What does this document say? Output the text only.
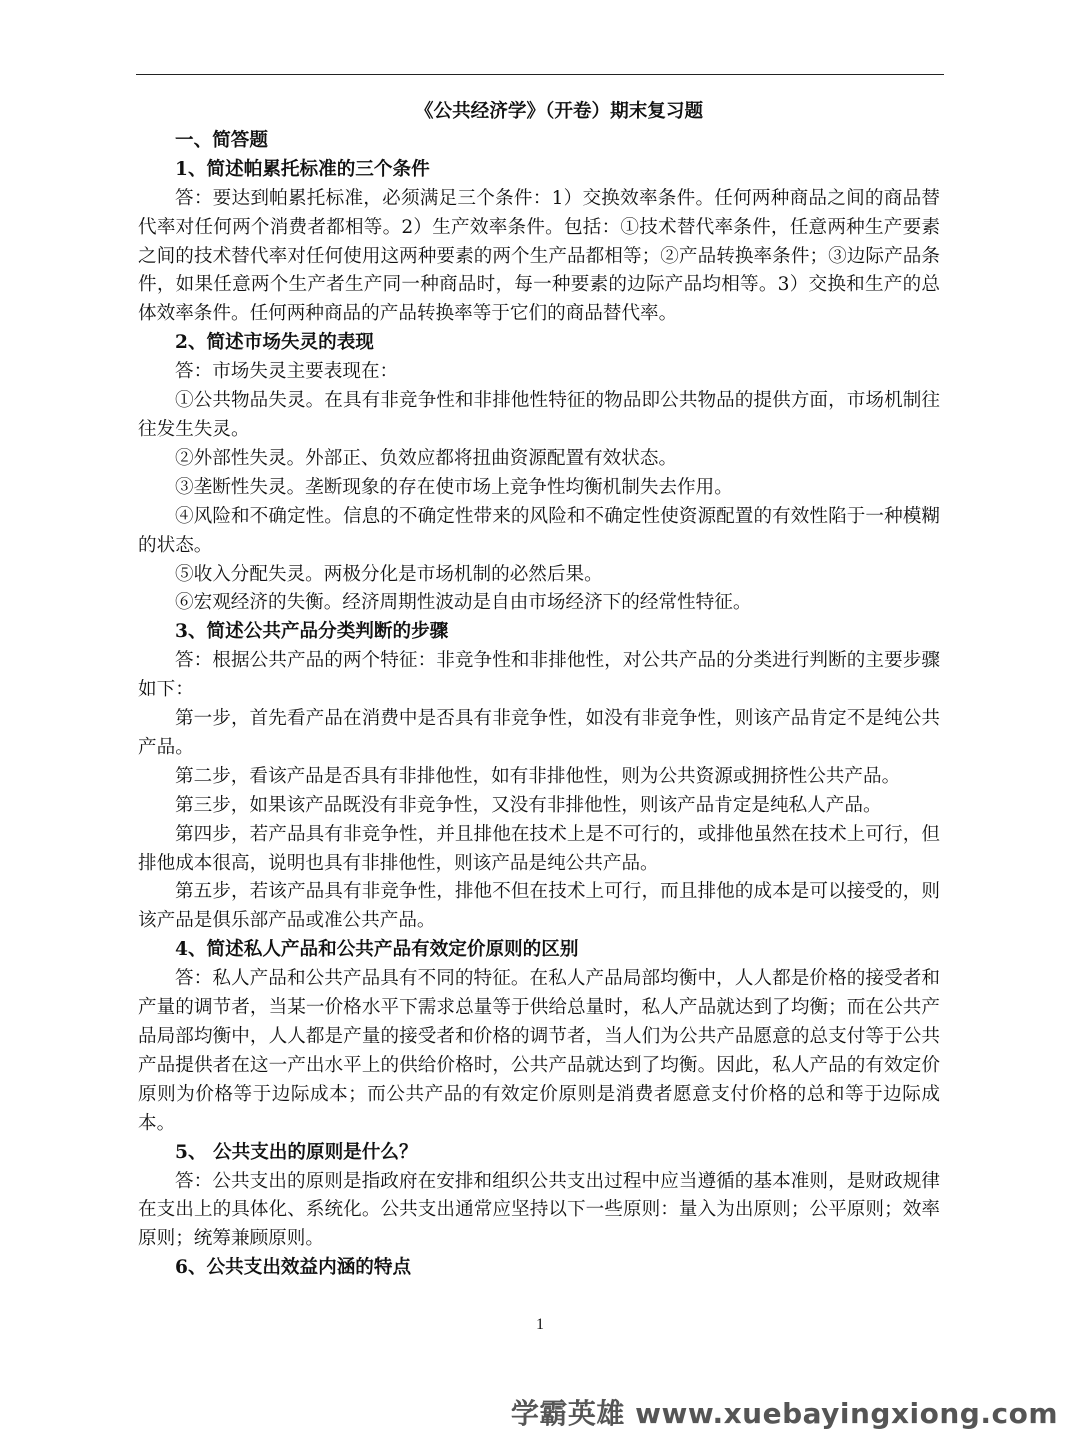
《公共经济学》（开卷）期末复习题

一、简答题

1、简述帕累托标准的三个条件

答：要达到帕累托标准，必须满足三个条件：1）交换效率条件。任何两种商品之间的商品替代率对任何两个消费者都相等。2）生产效率条件。包括：①技术替代率条件，任意两种生产要素之间的技术替代率对任何使用这两种要素的两个生产品都相等；②产品转换率条件；③边际产品条件，如果任意两个生产者生产同一种商品时，每一种要素的边际产品均相等。3）交换和生产的总体效率条件。任何两种商品的产品转换率等于它们的商品替代率。

2、简述市场失灵的表现

答：市场失灵主要表现在：

①公共物品失灵。在具有非竞争性和非排他性特征的物品即公共物品的提供方面，市场机制往往发生失灵。

②外部性失灵。外部正、负效应都将扭曲资源配置有效状态。

③垄断性失灵。垄断现象的存在使市场上竞争性均衡机制失去作用。

④风险和不确定性。信息的不确定性带来的风险和不确定性使资源配置的有效性陷于一种模糊的状态。

⑤收入分配失灵。两极分化是市场机制的必然后果。

⑥宏观经济的失衡。经济周期性波动是自由市场经济下的经常性特征。

3、简述公共产品分类判断的步骤

答：根据公共产品的两个特征：非竞争性和非排他性，对公共产品的分类进行判断的主要步骤如下：

第一步，首先看产品在消费中是否具有非竞争性，如没有非竞争性，则该产品肯定不是纯公共产品。

第二步，看该产品是否具有非排他性，如有非排他性，则为公共资源或拥挤性公共产品。

第三步，如果该产品既没有非竞争性，又没有非排他性，则该产品肯定是纯私人产品。

第四步，若产品具有非竞争性，并且排他在技术上是不可行的，或排他虽然在技术上可行，但排他成本很高，说明也具有非排他性，则该产品是纯公共产品。

第五步，若该产品具有非竞争性，排他不但在技术上可行，而且排他的成本是可以接受的，则该产品是俱乐部产品或准公共产品。

4、简述私人产品和公共产品有效定价原则的区别

答：私人产品和公共产品具有不同的特征。在私人产品局部均衡中，人人都是价格的接受者和产量的调节者，当某一价格水平下需求总量等于供给总量时，私人产品就达到了均衡；而在公共产品局部均衡中，人人都是产量的接受者和价格的调节者，当人们为公共产品愿意的总支付等于公共产品提供者在这一产出水平上的供给价格时，公共产品就达到了均衡。因此，私人产品的有效定价原则为价格等于边际成本；而公共产品的有效定价原则是消费者愿意支付价格的总和等于边际成本。

5、 公共支出的原则是什么？

答：公共支出的原则是指政府在安排和组织公共支出过程中应当遵循的基本准则，是财政规律在支出上的具体化、系统化。公共支出通常应坚持以下一些原则：量入为出原则；公平原则；效率原则；统筹兼顾原则。

6、公共支出效益内涵的特点

1
学霸英雄 www.xuebayingxiong.com
